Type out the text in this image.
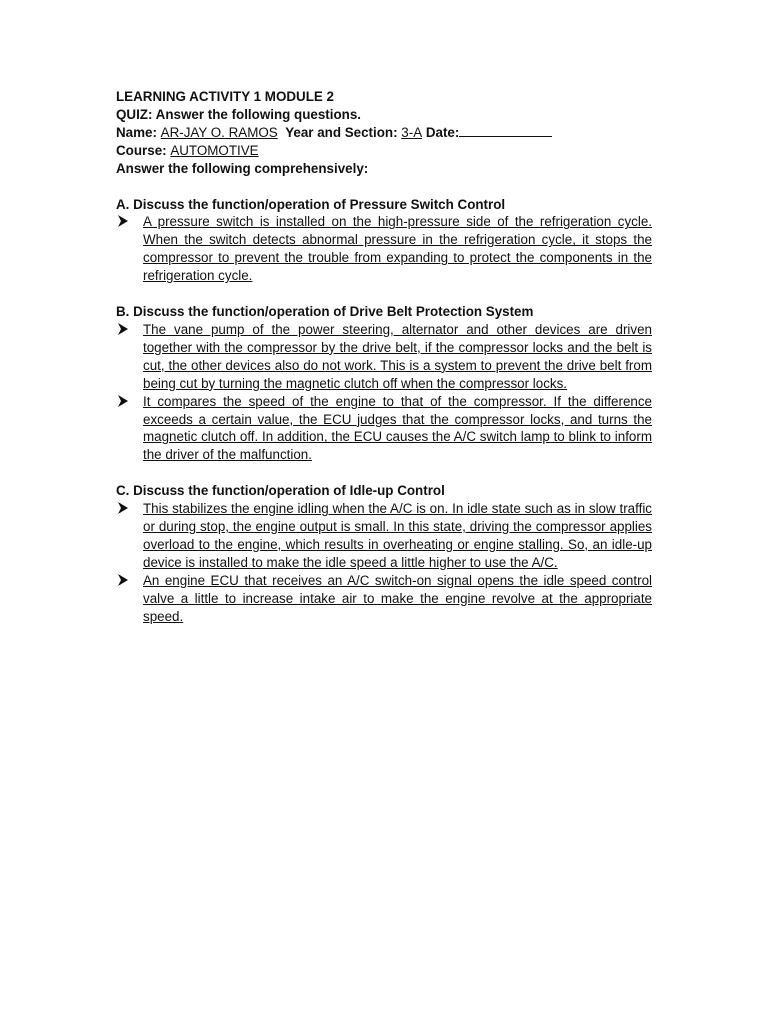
LEARNING ACTIVITY 1 MODULE 2
QUIZ: Answer the following questions.
Name: AR-JAY O. RAMOS Year and Section: 3-A Date:
Course: AUTOMOTIVE
Answer the following comprehensively:
A. Discuss the function/operation of Pressure Switch Control
A pressure switch is installed on the high-pressure side of the refrigeration cycle. When the switch detects abnormal pressure in the refrigeration cycle, it stops the compressor to prevent the trouble from expanding to protect the components in the refrigeration cycle.
B. Discuss the function/operation of Drive Belt Protection System
The vane pump of the power steering, alternator and other devices are driven together with the compressor by the drive belt, if the compressor locks and the belt is cut, the other devices also do not work. This is a system to prevent the drive belt from being cut by turning the magnetic clutch off when the compressor locks.
It compares the speed of the engine to that of the compressor. If the difference exceeds a certain value, the ECU judges that the compressor locks, and turns the magnetic clutch off. In addition, the ECU causes the A/C switch lamp to blink to inform the driver of the malfunction.
C. Discuss the function/operation of Idle-up Control
This stabilizes the engine idling when the A/C is on. In idle state such as in slow traffic or during stop, the engine output is small. In this state, driving the compressor applies overload to the engine, which results in overheating or engine stalling. So, an idle-up device is installed to make the idle speed a little higher to use the A/C.
An engine ECU that receives an A/C switch-on signal opens the idle speed control valve a little to increase intake air to make the engine revolve at the appropriate speed.
